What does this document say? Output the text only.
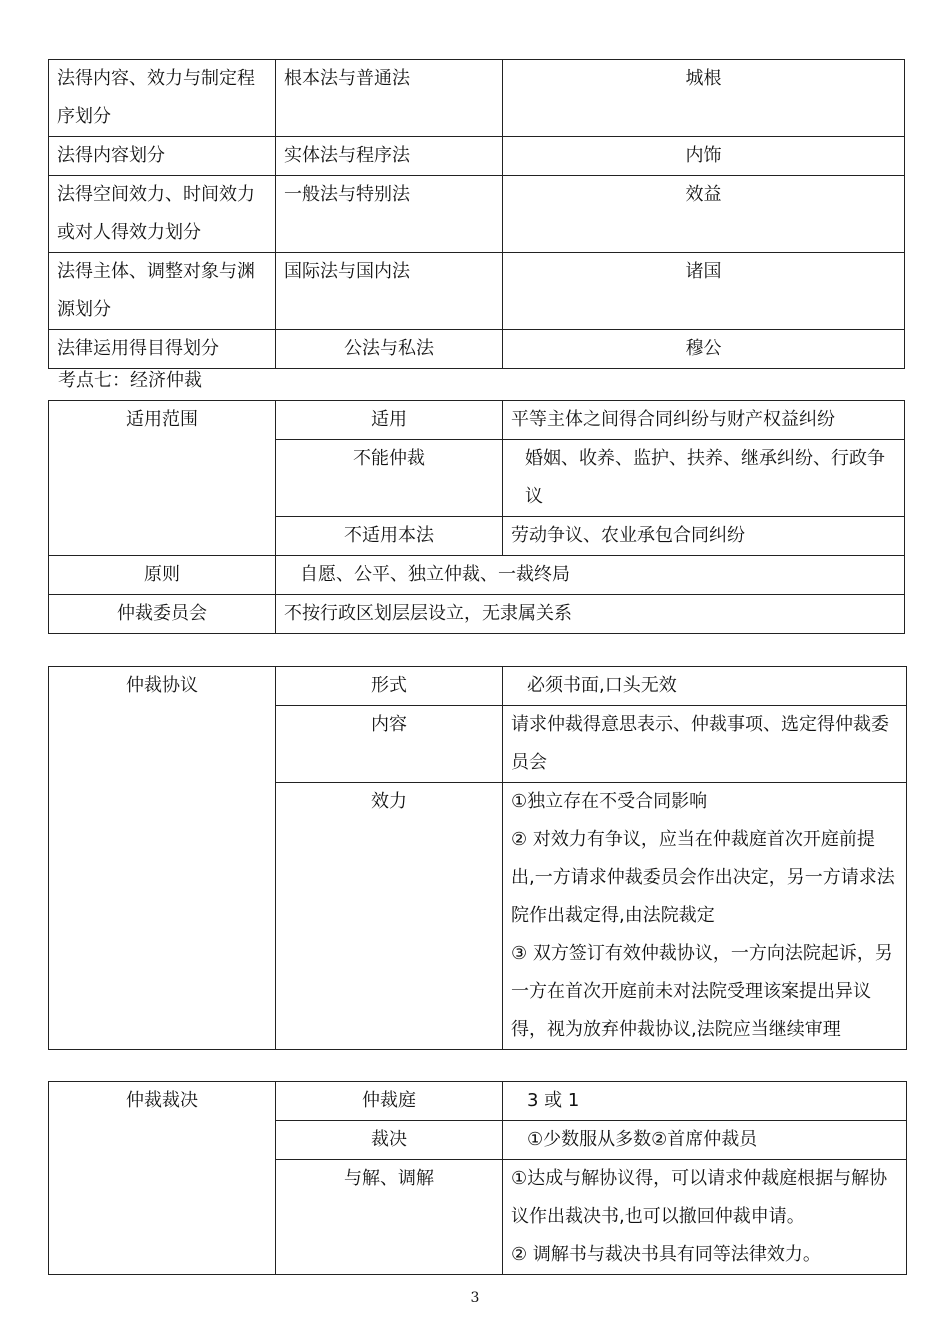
法得内容、效力与制定程序划分	根本法与普通法	城根
法得内容划分	实体法与程序法	内饰
法得空间效力、时间效力或对人得效力划分	一般法与特别法	效益
法得主体、调整对象与渊源划分	国际法与国内法	诸国
法律运用得目得划分	公法与私法	穆公
考点七：经济仲裁
适用范围	适用	平等主体之间得合同纠纷与财产权益纠纷
	不能仲裁	婚姻、收养、监护、扶养、继承纠纷、行政争议
	不适用本法	劳动争议、农业承包合同纠纷
原则	自愿、公平、独立仲裁、一裁终局	
仲裁委员会	不按行政区划层层设立，无隶属关系	
仲裁协议	形式	必须书面,口头无效
	内容	请求仲裁得意思表示、仲裁事项、选定得仲裁委员会
	效力	①独立存在不受合同影响
② 对效力有争议，应当在仲裁庭首次开庭前提出,一方请求仲裁委员会作出决定，另一方请求法院作出裁定得,由法院裁定
③ 双方签订有效仲裁协议，一方向法院起诉，另一方在首次开庭前未对法院受理该案提出异议得，视为放弃仲裁协议,法院应当继续审理
仲裁裁决	仲裁庭	3 或 1
	裁决	①少数服从多数②首席仲裁员
	与解、调解	①达成与解协议得，可以请求仲裁庭根据与解协议作出裁决书,也可以撤回仲裁申请。
② 调解书与裁决书具有同等法律效力。
3
